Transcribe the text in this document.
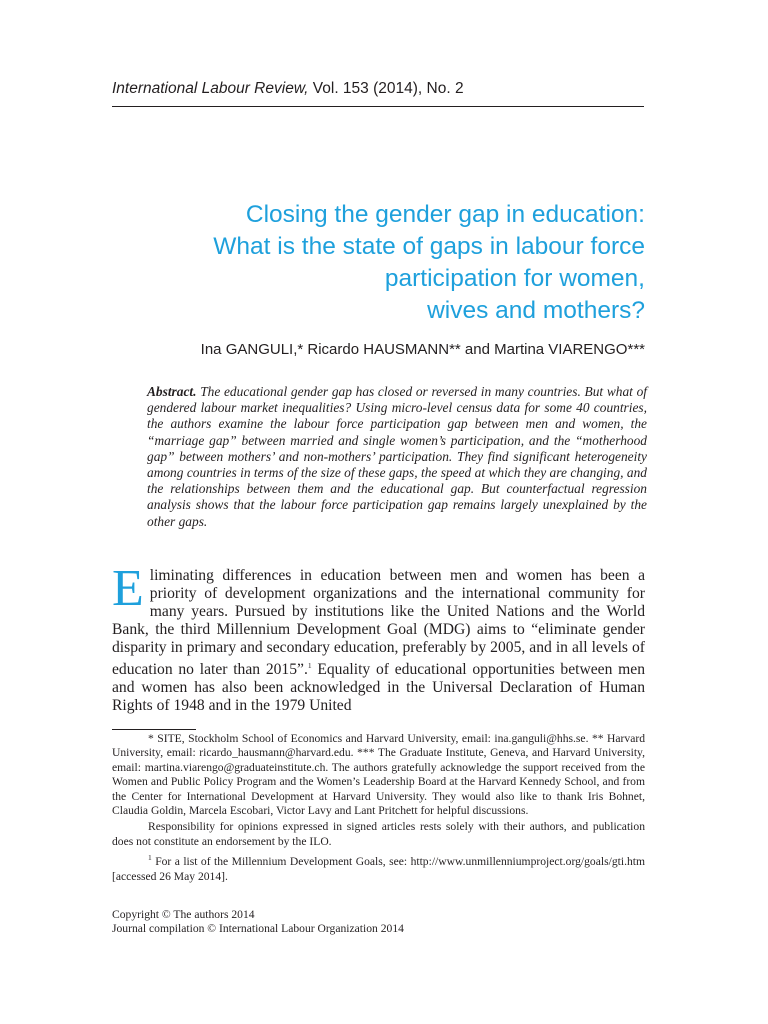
International Labour Review, Vol. 153 (2014), No. 2
Closing the gender gap in education:
What is the state of gaps in labour force
participation for women,
wives and mothers?
Ina GANGULI,* Ricardo HAUSMANN** and Martina VIARENGO***
Abstract. The educational gender gap has closed or reversed in many countries. But what of gendered labour market inequalities? Using micro-level census data for some 40 countries, the authors examine the labour force participation gap between men and women, the “marriage gap” between married and single women’s participation, and the “motherhood gap” between mothers’ and non-mothers’ participation. They find significant heterogeneity among countries in terms of the size of these gaps, the speed at which they are changing, and the relationships between them and the educational gap. But counterfactual regression analysis shows that the labour force participation gap remains largely unexplained by the other gaps.
Eliminating differences in education between men and women has been a priority of development organizations and the international community for many years. Pursued by institutions like the United Nations and the World Bank, the third Millennium Development Goal (MDG) aims to “eliminate gender disparity in primary and secondary education, preferably by 2005, and in all levels of education no later than 2015”.$^1$ Equality of educational opportunities between men and women has also been acknowledged in the Universal Declaration of Human Rights of 1948 and in the 1979 United

* SITE, Stockholm School of Economics and Harvard University, email: ina.ganguli@hhs.se. ** Harvard University, email: ricardo_hausmann@harvard.edu. *** The Graduate Institute, Geneva, and Harvard University, email: martina.viarengo@graduateinstitute.ch. The authors gratefully acknowledge the support received from the Women and Public Policy Program and the Women’s Leadership Board at the Harvard Kennedy School, and from the Center for International Development at Harvard University. They would also like to thank Iris Bohnet, Claudia Goldin, Marcela Escobari, Victor Lavy and Lant Pritchett for helpful discussions.

Responsibility for opinions expressed in signed articles rests solely with their authors, and publication does not constitute an endorsement by the ILO.

$^1$ For a list of the Millennium Development Goals, see: http://www.unmillenniumproject.org/goals/gti.htm [accessed 26 May 2014].

Copyright © The authors 2014
Journal compilation © International Labour Organization 2014
